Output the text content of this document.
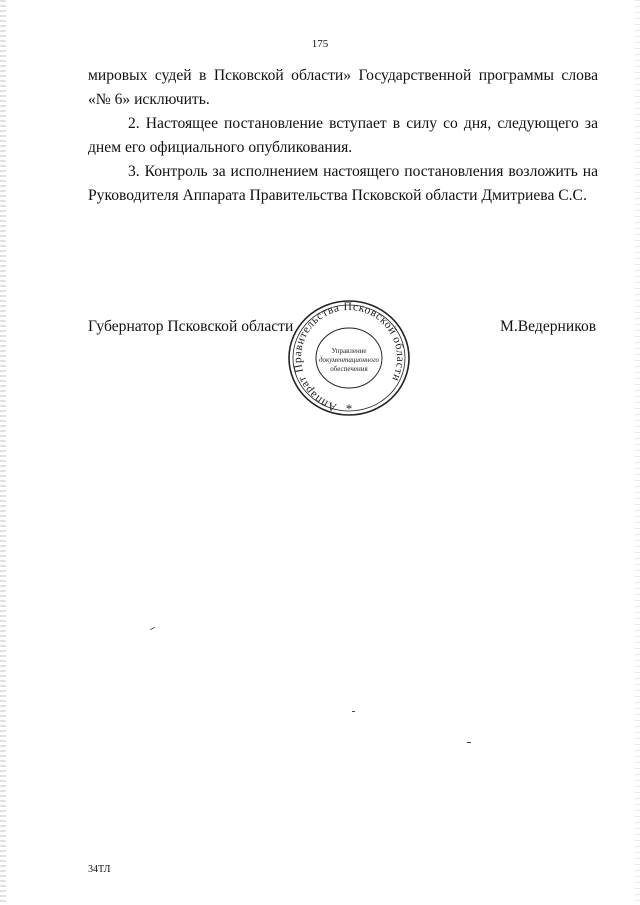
175

мировых судей в Псковской области» Государственной программы слова «№ 6» исключить.

2. Настоящее постановление вступает в силу со дня, следующего за днем его официального опубликования.

3. Контроль за исполнением настоящего постановления возложить на Руководителя Аппарата Правительства Псковской области Дмитриева С.С.

Губернатор Псковской области	М.Ведерников
Аппарат Правительства Псковской области
Управление
документационного
обеспечения
*
34ТЛ
